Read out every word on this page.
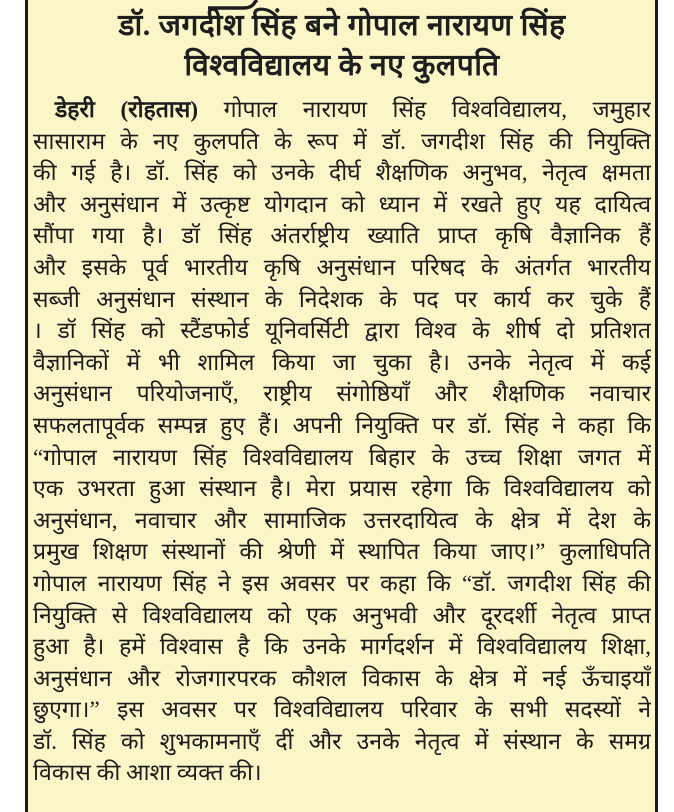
डॉ. जगदीश सिंह बने गोपाल नारायण सिंह
विश्वविद्यालय के नए कुलपति
डेहरी (रोहतास) गोपाल नारायण सिंह विश्वविद्यालय, जमुहार
सासाराम के नए कुलपति के रूप में डॉ. जगदीश सिंह की नियुक्ति
की गई है। डॉ. सिंह को उनके दीर्घ शैक्षणिक अनुभव, नेतृत्व क्षमता
और अनुसंधान में उत्कृष्ट योगदान को ध्यान में रखते हुए यह दायित्व
सौंपा गया है। डॉ सिंह अंतर्राष्ट्रीय ख्याति प्राप्त कृषि वैज्ञानिक हैं
और इसके पूर्व भारतीय कृषि अनुसंधान परिषद के अंतर्गत भारतीय
सब्जी अनुसंधान संस्थान के निदेशक के पद पर कार्य कर चुके हैं
। डॉ सिंह को स्टैंडफोर्ड यूनिवर्सिटी द्वारा विश्व के शीर्ष दो प्रतिशत
वैज्ञानिकों में भी शामिल किया जा चुका है। उनके नेतृत्व में कई
अनुसंधान परियोजनाएँ, राष्ट्रीय संगोष्ठियाँ और शैक्षणिक नवाचार
सफलतापूर्वक सम्पन्न हुए हैं। अपनी नियुक्ति पर डॉ. सिंह ने कहा कि
“गोपाल नारायण सिंह विश्वविद्यालय बिहार के उच्च शिक्षा जगत में
एक उभरता हुआ संस्थान है। मेरा प्रयास रहेगा कि विश्वविद्यालय को
अनुसंधान, नवाचार और सामाजिक उत्तरदायित्व के क्षेत्र में देश के
प्रमुख शिक्षण संस्थानों की श्रेणी में स्थापित किया जाए।” कुलाधिपति
गोपाल नारायण सिंह ने इस अवसर पर कहा कि “डॉ. जगदीश सिंह की
नियुक्ति से विश्वविद्यालय को एक अनुभवी और दूरदर्शी नेतृत्व प्राप्त
हुआ है। हमें विश्वास है कि उनके मार्गदर्शन में विश्वविद्यालय शिक्षा,
अनुसंधान और रोजगारपरक कौशल विकास के क्षेत्र में नई ऊँचाइयाँ
छुएगा।” इस अवसर पर विश्वविद्यालय परिवार के सभी सदस्यों ने
डॉ. सिंह को शुभकामनाएँ दीं और उनके नेतृत्व में संस्थान के समग्र
विकास की आशा व्यक्त की।
